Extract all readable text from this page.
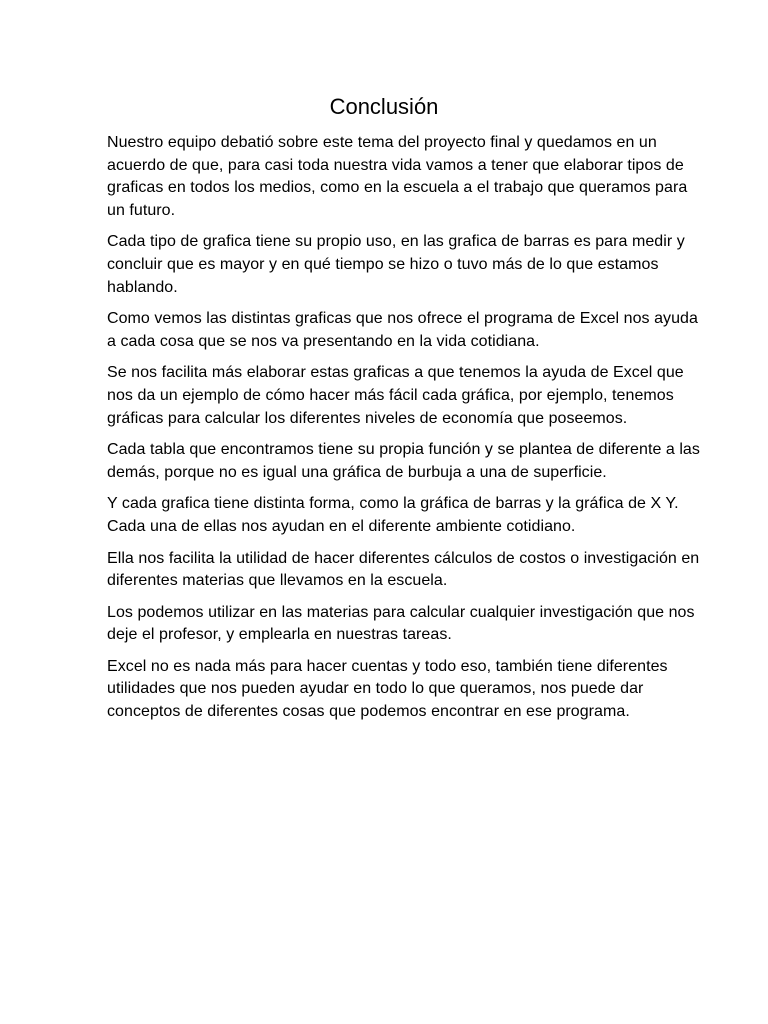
Conclusión

Nuestro equipo debatió sobre este tema del proyecto final y quedamos en un acuerdo de que, para casi toda nuestra vida vamos a tener que elaborar tipos de graficas en todos los medios, como en la escuela a el trabajo que queramos para un futuro.

Cada tipo de grafica tiene su propio uso, en las grafica de barras es para medir y concluir que es mayor y en qué tiempo se hizo o tuvo más de lo que estamos hablando.

Como vemos las distintas graficas que nos ofrece el programa de Excel nos ayuda a cada cosa que se nos va presentando en la vida cotidiana.

Se nos facilita más elaborar estas graficas a que tenemos la ayuda de Excel que nos da un ejemplo de cómo hacer más fácil cada gráfica, por ejemplo, tenemos gráficas para calcular los diferentes niveles de economía que poseemos.

Cada tabla que encontramos tiene su propia función y se plantea de diferente a las demás, porque no es igual una gráfica de burbuja a una de superficie.

Y cada grafica tiene distinta forma, como la gráfica de barras y la gráfica de X Y. Cada una de ellas nos ayudan en el diferente ambiente cotidiano.

Ella nos facilita la utilidad de hacer diferentes cálculos de costos o investigación en diferentes materias que llevamos en la escuela.

Los podemos utilizar en las materias para calcular cualquier investigación que nos deje el profesor, y emplearla en nuestras tareas.

Excel no es nada más para hacer cuentas y todo eso, también tiene diferentes utilidades que nos pueden ayudar en todo lo que queramos, nos puede dar conceptos de diferentes cosas que podemos encontrar en ese programa.
